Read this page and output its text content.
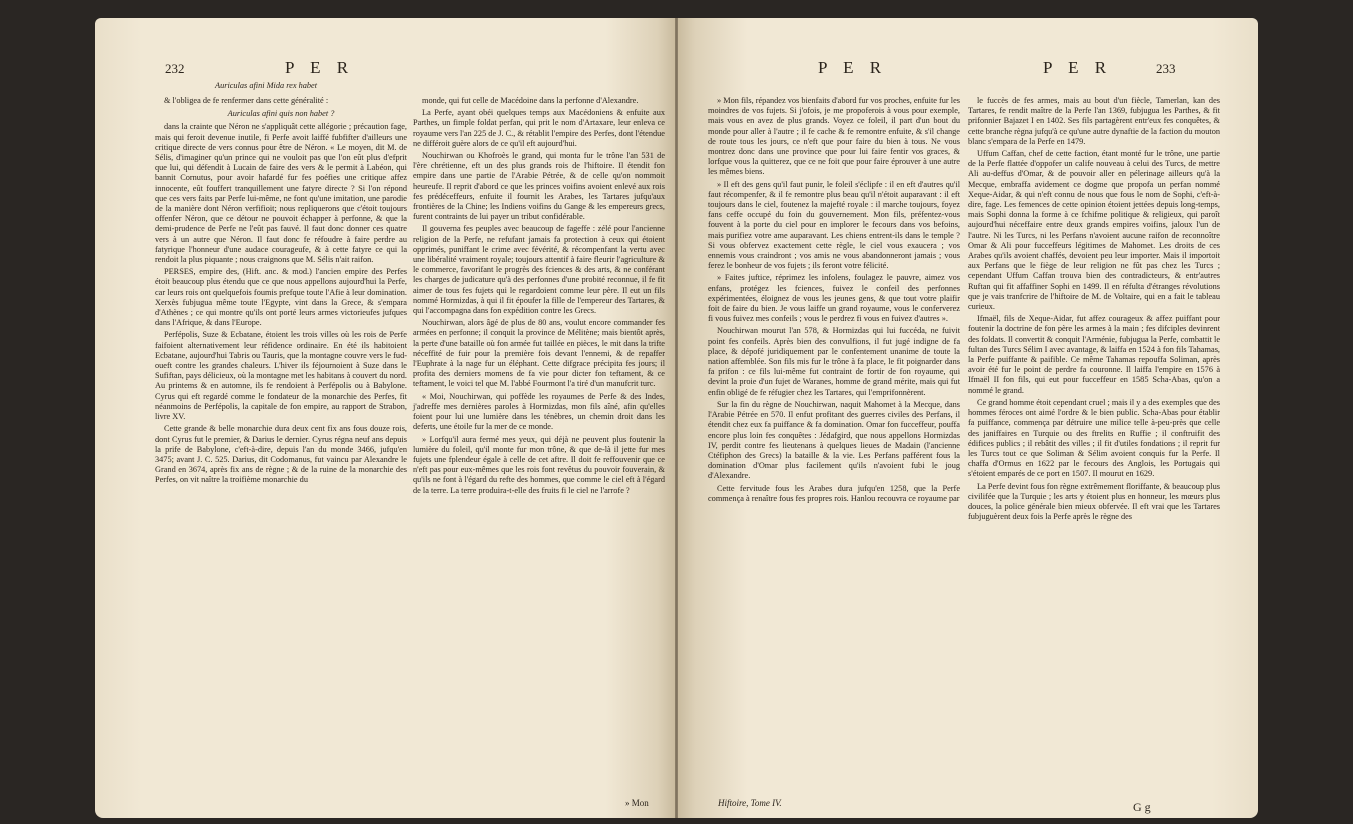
232	P E R
Auriculas afini Mida rex habet

& l'obligea de fe renfermer dans cette généralité :

Auriculas afini quis non habet ?

dans la crainte que Néron ne s'appliquât cette allégorie ; précaution fage, mais qui feroit devenue inutile, fi Perfe avoit laiffé fubfifter d'ailleurs une critique directe de vers connus pour être de Néron. « Le moyen, dit M. de Sélis, d'imaginer qu'un prince qui ne vouloit pas que l'on eût plus d'efprit que lui, qui défendit à Lucain de faire des vers & le permit à Labéon, qui bannit Cornutus, pour avoir hafardé fur fes poéfies une critique affez innocente, eût fouffert tranquillement une fatyre directe ? Si l'on répond que ces vers faits par Perfe lui-même, ne font qu'une imitation, une parodie de la manière dont Néron verfifioit; nous repliquerons que c'étoit toujours offenfer Néron, que ce détour ne pouvoit échapper à perfonne, & que la demi-prudence de Perfe ne l'eût pas fauvé. Il faut donc donner ces quatre vers à un autre que Néron. Il faut donc fe réfoudre à faire perdre au fatyrique l'honneur d'une audace courageufe, & à cette fatyre ce qui la rendoit la plus piquante ; nous craignons que M. Sélis n'ait raifon.

PERSES, empire des, (Hift. anc. & mod.) l'ancien empire des Perfes étoit beaucoup plus étendu que ce que nous appellons aujourd'hui la Perfe, car leurs rois ont quelquefois foumis prefque toute l'Afie à leur domination. Xerxès fubjugua même toute l'Egypte, vint dans la Grece, & s'empara d'Athènes ; ce qui montre qu'ils ont porté leurs armes victorieufes jufques dans l'Afrique, & dans l'Europe.

Perfépolis, Suze & Ecbatane, étoient les trois villes où les rois de Perfe faifoient alternativement leur réfidence ordinaire. En été ils habitoient Ecbatane, aujourd'hui Tabris ou Tauris, que la montagne couvre vers le fud-oueft contre les grandes chaleurs. L'hiver ils féjournoient à Suze dans le Sufiftan, pays délicieux, où la montagne met les habitans à couvert du nord. Au printems & en automne, ils fe rendoient à Perfépolis ou à Babylone. Cyrus qui eft regardé comme le fondateur de la monarchie des Perfes, fit néanmoins de Perfépolis, la capitale de fon empire, au rapport de Strabon, livre XV.

Cette grande & belle monarchie dura deux cent fix ans fous douze rois, dont Cyrus fut le premier, & Darius le dernier. Cyrus régna neuf ans depuis la prife de Babylone, c'eft-à-dire, depuis l'an du monde 3466, jufqu'en 3475; avant J. C. 525. Darius, dit Codomanus, fut vaincu par Alexandre le Grand en 3674, après fix ans de règne ; & de la ruine de la monarchie des Perfes, on vit naître la troifième monarchie du

monde, qui fut celle de Macédoine dans la perfonne d'Alexandre.

La Perfe, ayant obéi quelques temps aux Macédoniens & enfuite aux Parthes, un fimple foldat perfan, qui prit le nom d'Artaxare, leur enleva ce royaume vers l'an 225 de J. C., & rétablit l'empire des Perfes, dont l'étendue ne différoit guère alors de ce qu'il eft aujourd'hui.

Nouchirwan ou Khofroès le grand, qui monta fur le trône l'an 531 de l'ère chrétienne, eft un des plus grands rois de l'hiftoire. Il étendit fon empire dans une partie de l'Arabie Pétrée, & de celle qu'on nommoit heureufe. Il reprit d'abord ce que les princes voifins avoient enlevé aux rois fes prédéceffeurs, enfuite il fournit les Arabes, les Tartares jufqu'aux frontières de la Chine; les Indiens voifins du Gange & les empereurs grecs, furent contraints de lui payer un tribut confidérable.

Il gouverna fes peuples avec beaucoup de fageffe : zélé pour l'ancienne religion de la Perfe, ne refufant jamais fa protection à ceux qui étoient opprimés, puniffant le crime avec févérité, & récompenfant la vertu avec une libéralité vraiment royale; toujours attentif à faire fleurir l'agriculture & le commerce, favorifant le progrès des fciences & des arts, & ne conférant les charges de judicature qu'à des perfonnes d'une probité reconnue, il fe fit aimer de tous fes fujets qui le regardoient comme leur père. Il eut un fils nommé Hormizdas, à qui il fit époufer la fille de l'empereur des Tartares, & qui l'accompagna dans fon expédition contre les Grecs.

Nouchirwan, alors âgé de plus de 80 ans, voulut encore commander fes armées en perfonne; il conquit la province de Mélitène; mais bientôt après, la perte d'une bataille où fon armée fut taillée en pièces, le mit dans la trifte néceffité de fuir pour la première fois devant l'ennemi, & de repaffer l'Euphrate à la nage fur un éléphant. Cette difgrace précipita fes jours; il profita des derniers momens de fa vie pour dicter fon teftament, & ce teftament, le voici tel que M. l'abbé Fourmont l'a tiré d'un manufcrit turc.

« Moi, Nouchirwan, qui poffède les royaumes de Perfe & des Indes, j'adreffe mes dernières paroles à Hormizdas, mon fils aîné, afin qu'elles foient pour lui une lumière dans les ténèbres, un chemin droit dans les deferts, une étoile fur la mer de ce monde.

» Lorfqu'il aura fermé mes yeux, qui déjà ne peuvent plus foutenir la lumière du foleil, qu'il monte fur mon trône, & que de-là il jette fur mes fujets une fplendeur égale à celle de cet aftre. Il doit fe reffouvenir que ce n'eft pas pour eux-mêmes que les rois font revêtus du pouvoir fouverain, & qu'ils ne font à l'égard du refte des hommes, que comme le ciel eft à l'égard de la terre. La terre produira-t-elle des fruits fi le ciel ne l'arrofe ?

» Mon
P E R	P E R	233

» Mon fils, répandez vos bienfaits d'abord fur vos proches, enfuite fur les moindres de vos fujets. Si j'ofois, je me propoferois à vous pour exemple, mais vous en avez de plus grands. Voyez ce foleil, il part d'un bout du monde pour aller à l'autre ; il fe cache & fe remontre enfuite, & s'il change de route tous les jours, ce n'eft que pour faire du bien à tous. Ne vous montrez donc dans une province que pour lui faire fentir vos graces, & lorfque vous la quitterez, que ce ne foit que pour faire éprouver à une autre les mêmes biens.

» Il eft des gens qu'il faut punir, le foleil s'éclipfe : il en eft d'autres qu'il faut récompenfer, & il fe remontre plus beau qu'il n'étoit auparavant : il eft toujours dans le ciel, foutenez la majefté royale : il marche toujours, foyez fans ceffe occupé du foin du gouvernement. Mon fils, préfentez-vous fouvent à la porte du ciel pour en implorer le fecours dans vos befoins, mais purifiez votre ame auparavant. Les chiens entrent-ils dans le temple ? Si vous obfervez exactement cette règle, le ciel vous exaucera ; vos ennemis vous craindront ; vos amis ne vous abandonneront jamais ; vous ferez le bonheur de vos fujets ; ils feront votre félicité.

» Faites juftice, réprimez les infolens, foulagez le pauvre, aimez vos enfans, protégez les fciences, fuivez le confeil des perfonnes expérimentées, éloignez de vous les jeunes gens, & que tout votre plaifir foit de faire du bien. Je vous laiffe un grand royaume, vous le conferverez fi vous fuivez mes confeils ; vous le perdrez fi vous en fuivez d'autres ».

Nouchirwan mourut l'an 578, & Hormizdas qui lui fuccéda, ne fuivit point fes confeils. Après bien des convulfions, il fut jugé indigne de fa place, & dépofé juridiquement par le confentement unanime de toute la nation affemblée. Son fils mis fur le trône à fa place, le fit poignarder dans fa prifon : ce fils lui-même fut contraint de fortir de fon royaume, qui devint la proie d'un fujet de Waranes, homme de grand mérite, mais qui fut enfin obligé de fe réfugier chez les Tartares, qui l'emprifonnèrent.

Sur la fin du règne de Nouchirwan, naquit Mahomet à la Mecque, dans l'Arabie Pétrée en 570. Il enfut profitant des guerres civiles des Perfans, il étendit chez eux fa puiffance & fa domination. Omar fon fucceffeur, pouffa encore plus loin fes conquêtes : Jédafgird, que nous appellons Hormizdas IV, perdit contre fes lieutenans à quelques lieues de Madain (l'ancienne Ctéfiphon des Grecs) la bataille & la vie. Les Perfans pafférent fous la domination d'Omar plus facilement qu'ils n'avoient fubi le joug d'Alexandre.

Cette fervitude fous les Arabes dura jufqu'en 1258, que la Perfe commença à renaître fous fes propres rois. Hanlou recouvra ce royaume par

le fuccès de fes armes, mais au bout d'un fiècle, Tamerlan, kan des Tartares, fe rendit maître de la Perfe l'an 1369, fubjugua les Parthes, & fit prifonnier Bajazet I en 1402. Ses fils partagèrent entr'eux fes conquêtes, & cette branche règna jufqu'à ce qu'une autre dynaftie de la faction du mouton blanc s'empara de la Perfe en 1479.

Uffum Caffan, chef de cette faction, étant monté fur le trône, une partie de la Perfe flattée d'oppofer un calife nouveau à celui des Turcs, de mettre Ali au-deffus d'Omar, & de pouvoir aller en pélerinage ailleurs qu'à la Mecque, embraffa avidement ce dogme que propofa un perfan nommé Xeque-Aidar, & qui n'eft connu de nous que fous le nom de Sophi, c'eft-à-dire, fage. Les femences de cette opinion étoient jettées depuis long-temps, mais Sophi donna la forme à ce fchifme politique & religieux, qui paroît aujourd'hui néceffaire entre deux grands empires voifins, jaloux l'un de l'autre. Ni les Turcs, ni les Perfans n'avoient aucune raifon de reconnoître Omar & Ali pour fucceffeurs légitimes de Mahomet. Les droits de ces Arabes qu'ils avoient chaffés, devoient peu leur importer. Mais il importoit aux Perfans que le fiège de leur religion ne fût pas chez les Turcs ; cependant Uffum Caffan trouva bien des contradicteurs, & entr'autres Ruftan qui fit affaffiner Sophi en 1499. Il en réfulta d'étranges révolutions que je vais tranfcrire de l'hiftoire de M. de Voltaire, qui en a fait le tableau curieux.

Ifmaël, fils de Xeque-Aidar, fut affez courageux & affez puiffant pour foutenir la doctrine de fon père les armes à la main ; fes difciples devinrent des foldats. Il convertit & conquit l'Arménie, fubjugua la Perfe, combattit le fultan des Turcs Sélim I avec avantage, & laiffa en 1524 à fon fils Tahamas, la Perfe puiffante & paifible. Ce même Tahamas repouffa Soliman, après avoir été fur le point de perdre fa couronne. Il laiffa l'empire en 1576 à Ifmaël II fon fils, qui eut pour fucceffeur en 1585 Scha-Abas, qu'on a nommé le grand.

Ce grand homme étoit cependant cruel ; mais il y a des exemples que des hommes féroces ont aimé l'ordre & le bien public. Scha-Abas pour établir fa puiffance, commença par détruire une milice telle à-peu-près que celle des janiffaires en Turquie ou des ftrelits en Ruffie ; il conftruifit des édifices publics ; il rebâtit des villes ; il fit d'utiles fondations ; il reprit fur les Turcs tout ce que Soliman & Sélim avoient conquis fur la Perfe. Il chaffa d'Ormus en 1622 par le fecours des Anglois, les Portugais qui s'étoient emparés de ce port en 1507. Il mourut en 1629.

La Perfe devint fous fon règne extrêmement floriffante, & beaucoup plus civilifée que la Turquie ; les arts y étoient plus en honneur, les mœurs plus douces, la police générale bien mieux obfervée. Il eft vrai que les Tartares fubjuguèrent deux fois la Perfe après le règne des

Hiftoire, Tome IV.	G g
